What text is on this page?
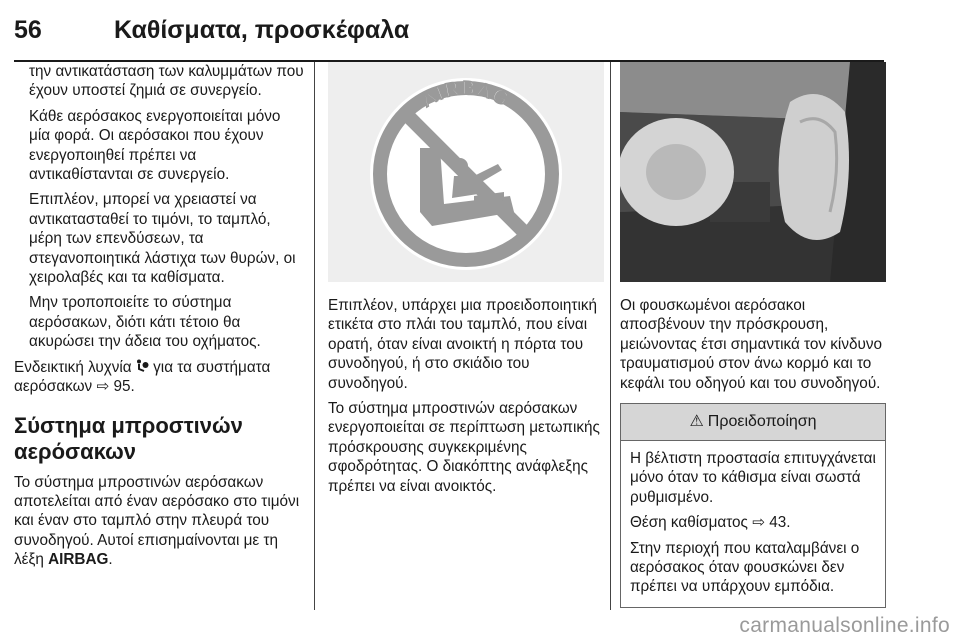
56	Καθίσματα, προσκέφαλα

την αντικατάσταση των καλυμμάτων που έχουν υποστεί ζημιά σε συνεργείο.

Κάθε αερόσακος ενεργοποιείται μόνο μία φορά. Οι αερόσακοι που έχουν ενεργοποιηθεί πρέπει να αντικαθίστανται σε συνεργείο.

Επιπλέον, μπορεί να χρειαστεί να αντικατασταθεί το τιμόνι, το ταμπλό, μέρη των επενδύσεων, τα στεγανοποιητικά λάστιχα των θυρών, οι χειρολαβές και τα καθίσματα.

Μην τροποποιείτε το σύστημα αερόσακων, διότι κάτι τέτοιο θα ακυρώσει την άδεια του οχήματος.

Ενδεικτική λυχνία για τα συστήματα αερόσακων ⇨ 95.

Σύστημα μπροστινών αερόσακων

Το σύστημα μπροστινών αερόσακων αποτελείται από έναν αερόσακο στο τιμόνι και έναν στο ταμπλό στην πλευρά του συνοδηγού. Αυτοί επισημαίνονται με τη λέξη AIRBAG.

AIRBAG

Επιπλέον, υπάρχει μια προειδοποιητική ετικέτα στο πλάι του ταμπλό, που είναι ορατή, όταν είναι ανοικτή η πόρτα του συνοδηγού, ή στο σκιάδιο του συνοδηγού.

Το σύστημα μπροστινών αερόσακων ενεργοποιείται σε περίπτωση μετωπικής πρόσκρουσης συγκεκριμένης σφοδρότητας. Ο διακόπτης ανάφλεξης πρέπει να είναι ανοικτός.

Οι φουσκωμένοι αερόσακοι αποσβένουν την πρόσκρουση, μειώνοντας έτσι σημαντικά τον κίνδυνο τραυματισμού στον άνω κορμό και το κεφάλι του οδηγού και του συνοδηγού.

⚠ Προειδοποίηση

Η βέλτιστη προστασία επιτυγχάνεται μόνο όταν το κάθισμα είναι σωστά ρυθμισμένο.

Θέση καθίσματος ⇨ 43.

Στην περιοχή που καταλαμβάνει ο αερόσακος όταν φουσκώνει δεν πρέπει να υπάρχουν εμπόδια.

carmanualsonline.info
